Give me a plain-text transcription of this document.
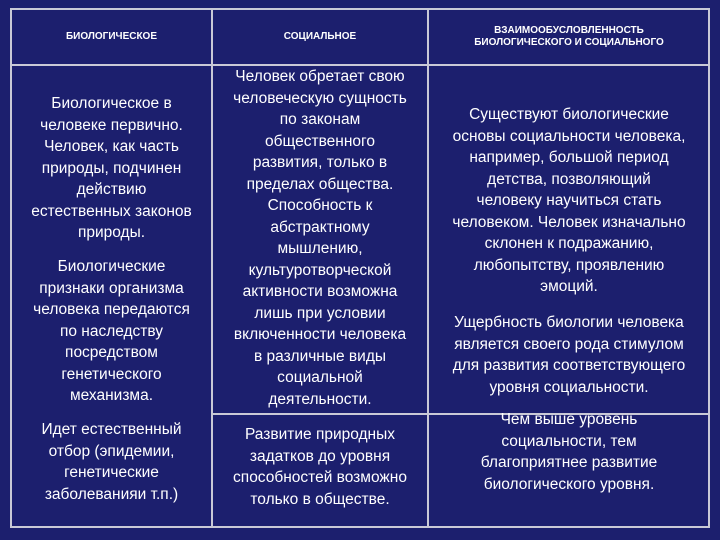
БИОЛОГИЧЕСКОЕ	СОЦИАЛЬНОЕ
ВЗАИМООБУСЛОВЛЕННОСТЬ
БИОЛОГИЧЕСКОГО И СОЦИАЛЬНОГО
Биологическое в
человеке первично.
Человек, как часть
природы, подчинен
действию
естественных законов
природы.
Биологические
признаки организма
человека передаются
по наследству
посредством
генетического
механизма.
Идет естественный
отбор (эпидемии,
генетические
заболеванияи т.п.)
Человек обретает свою
человеческую сущность
по законам
общественного
развития, только в
пределах общества.
Способность к
абстрактному
мышлению,
культуротворческой
активности возможна
лишь при условии
включенности человека
в различные виды
социальной
деятельности.
Развитие природных
задатков до уровня
способностей возможно
только в обществе.
Существуют биологические
основы социальности человека,
например, большой период
детства, позволяющий
человеку научиться стать
человеком. Человек изначально
склонен к подражанию,
любопытству, проявлению
эмоций.
Ущербность биологии человека
является своего рода стимулом
для развития соответствующего
уровня социальности.
Чем выше уровень
социальности, тем
благоприятнее развитие
биологического уровня.
